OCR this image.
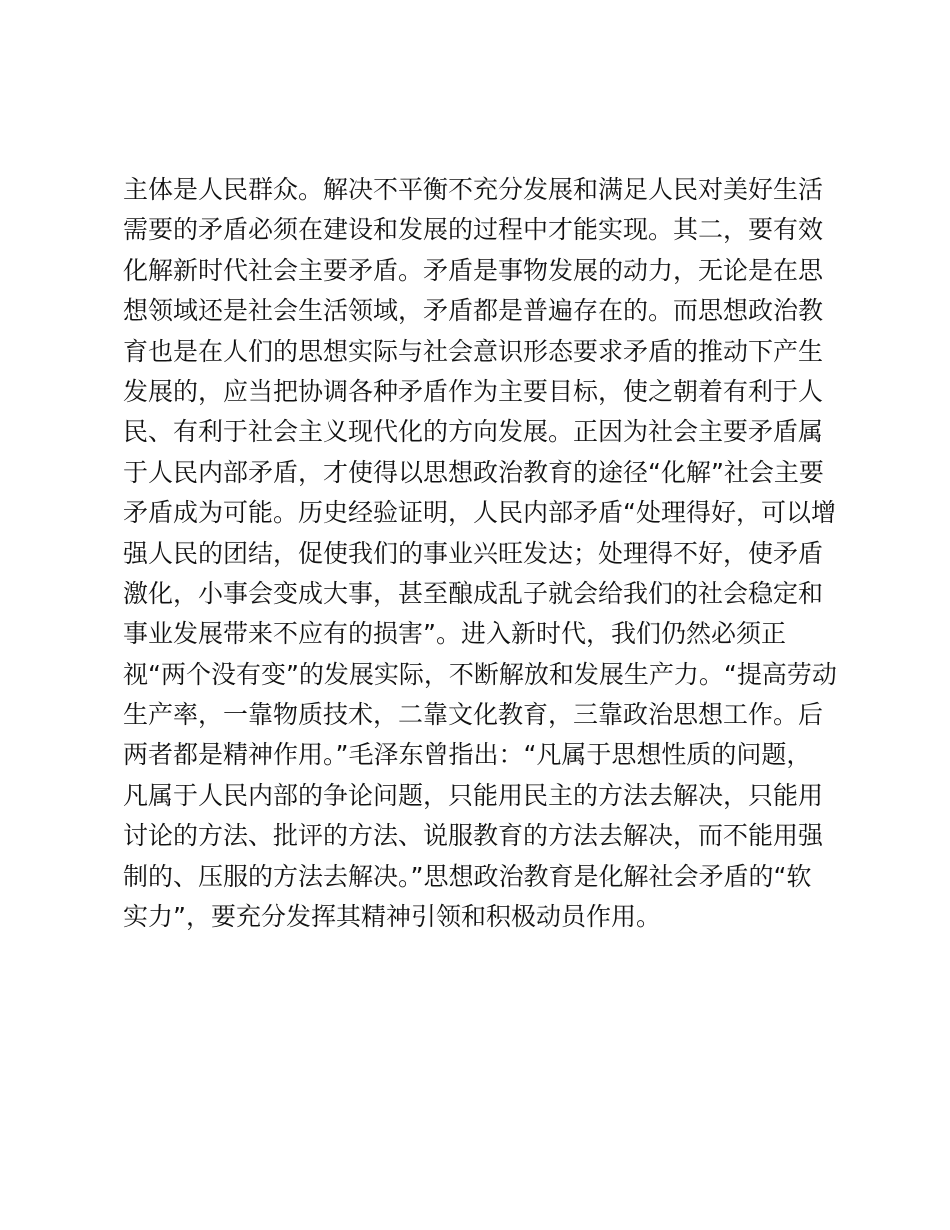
主体是人民群众。解决不平衡不充分发展和满足人民对美好生活
需要的矛盾必须在建设和发展的过程中才能实现。其二，要有效
化解新时代社会主要矛盾。矛盾是事物发展的动力，无论是在思
想领域还是社会生活领域，矛盾都是普遍存在的。而思想政治教
育也是在人们的思想实际与社会意识形态要求矛盾的推动下产生
发展的，应当把协调各种矛盾作为主要目标，使之朝着有利于人
民、有利于社会主义现代化的方向发展。正因为社会主要矛盾属
于人民内部矛盾，才使得以思想政治教育的途径“化解”社会主要
矛盾成为可能。历史经验证明，人民内部矛盾“处理得好，可以增
强人民的团结，促使我们的事业兴旺发达；处理得不好，使矛盾
激化，小事会变成大事，甚至酿成乱子就会给我们的社会稳定和
事业发展带来不应有的损害”。进入新时代，我们仍然必须正
视“两个没有变”的发展实际，不断解放和发展生产力。“提高劳动
生产率，一靠物质技术，二靠文化教育，三靠政治思想工作。后
两者都是精神作用。”毛泽东曾指出：“凡属于思想性质的问题，
凡属于人民内部的争论问题，只能用民主的方法去解决，只能用
讨论的方法、批评的方法、说服教育的方法去解决，而不能用强
制的、压服的方法去解决。”思想政治教育是化解社会矛盾的“软
实力”，要充分发挥其精神引领和积极动员作用。
